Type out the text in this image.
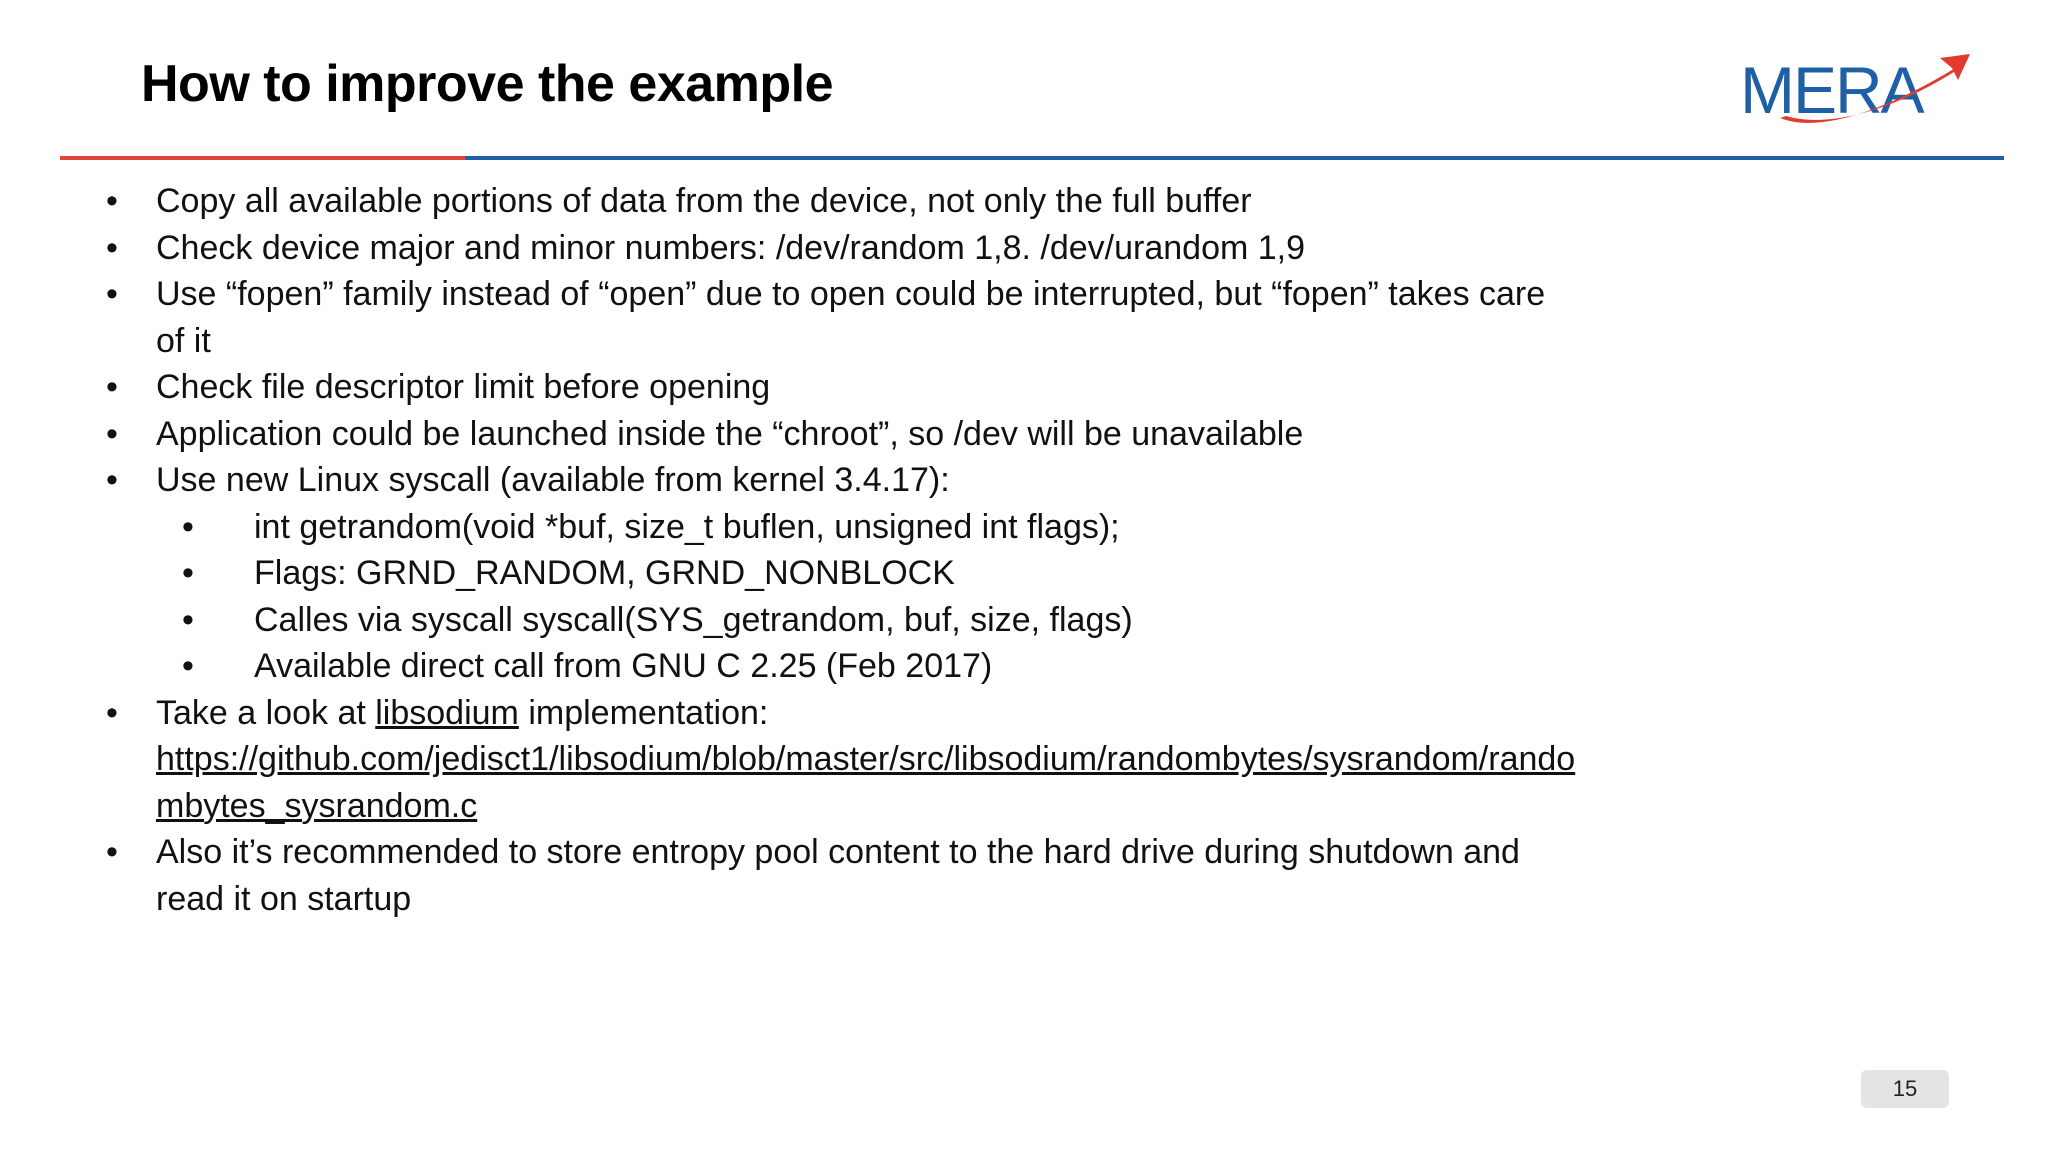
How to improve the example	MERA
• Copy all available portions of data from the device, not only the full buffer
• Check device major and minor numbers: /dev/random 1,8. /dev/urandom 1,9
• Use “fopen” family instead of “open” due to open could be interrupted, but “fopen” takes care of it
• Check file descriptor limit before opening
• Application could be launched inside the “chroot”, so /dev will be unavailable
• Use new Linux syscall (available from kernel 3.4.17):
• int getrandom(void *buf, size_t buflen, unsigned int flags);
• Flags: GRND_RANDOM, GRND_NONBLOCK
• Calles via syscall syscall(SYS_getrandom, buf, size, flags)
• Available direct call from GNU C 2.25 (Feb 2017)
• Take a look at libsodium implementation:
https://github.com/jedisct1/libsodium/blob/master/src/libsodium/randombytes/sysrandom/randombytes_sysrandom.c
• Also it’s recommended to store entropy pool content to the hard drive during shutdown and read it on startup
15
